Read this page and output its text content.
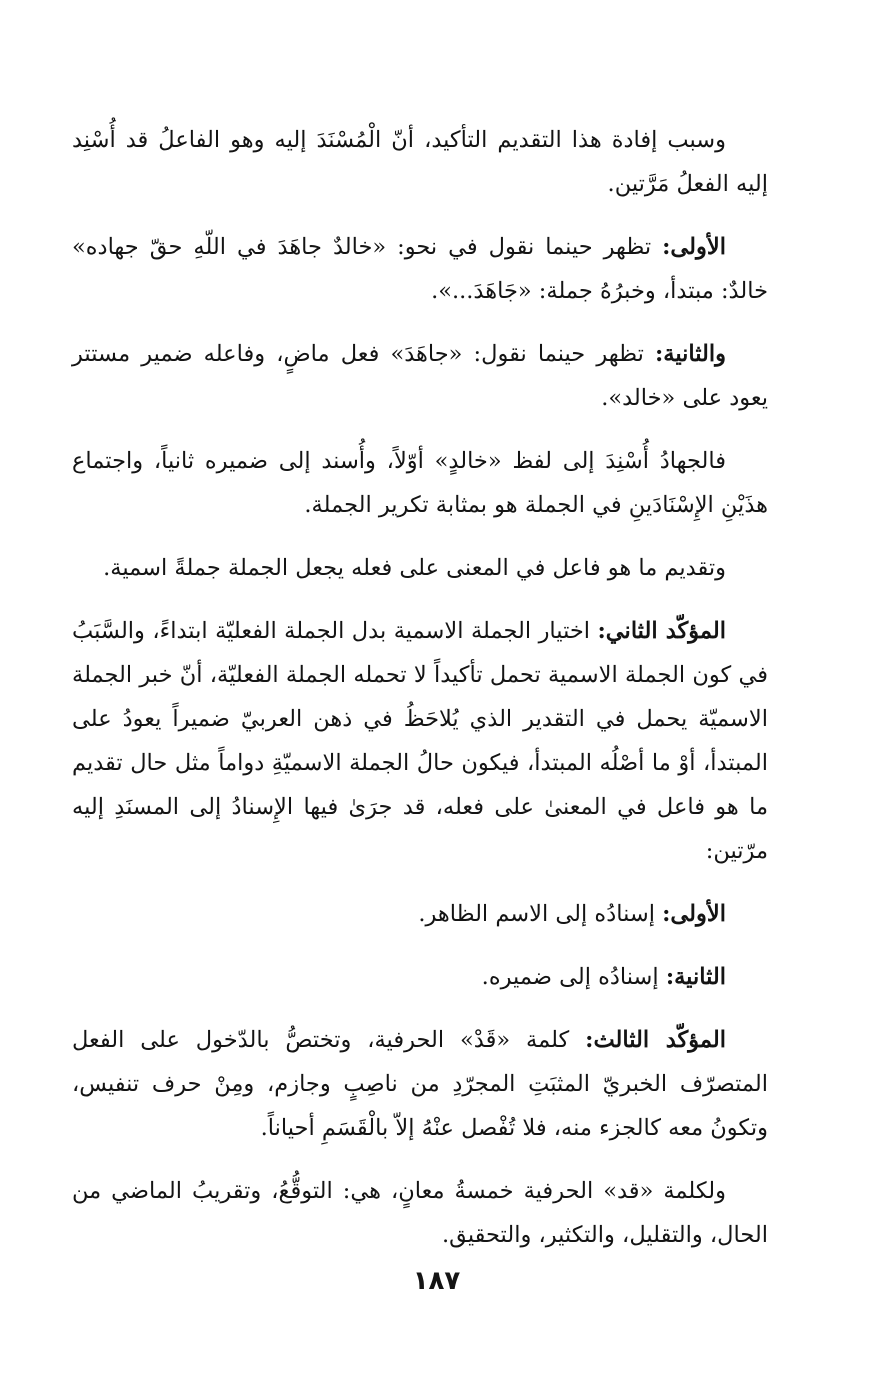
وسبب إفادة هذا التقديم التأكيد، أنّ الْمُسْنَدَ إليه وهو الفاعلُ قد أُسْنِد إليه الفعلُ مَرَّتين.

الأولى: تظهر حينما نقول في نحو: «خالدٌ جاهَدَ في اللّهِ حقّ جهاده» خالدٌ: مبتدأ، وخبرُهُ جملة: «جَاهَدَ...».

والثانية: تظهر حينما نقول: «جاهَدَ» فعل ماضٍ، وفاعله ضمير مستتر يعود على «خالد».

فالجهادُ أُسْنِدَ إلى لفظ «خالدٍ» أوّلاً، وأُسند إلى ضميره ثانياً، واجتماع هذَيْنِ الإِسْنَادَينِ في الجملة هو بمثابة تكرير الجملة.

وتقديم ما هو فاعل في المعنى على فعله يجعل الجملة جملةً اسمية.

المؤكّد الثاني: اختيار الجملة الاسمية بدل الجملة الفعليّة ابتداءً، والسَّبَبُ في كون الجملة الاسمية تحمل تأكيداً لا تحمله الجملة الفعليّة، أنّ خبر الجملة الاسميّة يحمل في التقدير الذي يُلاحَظُ في ذهن العربيّ ضميراً يعودُ على المبتدأ، أوْ ما أصْلُه المبتدأ، فيكون حالُ الجملة الاسميّةِ دواماً مثل حال تقديم ما هو فاعل في المعنىٰ على فعله، قد جرَىٰ فيها الإِسنادُ إلى المسنَدِ إليه مرّتين:

الأولى: إسنادُه إلى الاسم الظاهر.

الثانية: إسنادُه إلى ضميره.

المؤكّد الثالث: كلمة «قَدْ» الحرفية، وتختصُّ بالدّخول على الفعل المتصرّف الخبريّ المثبَتِ المجرّدِ من ناصِبٍ وجازم، ومِنْ حرف تنفيس، وتكونُ معه كالجزء منه، فلا تُفْصل عنْهُ إلاّ بالْقَسَمِ أحياناً.

ولكلمة «قد» الحرفية خمسةُ معانٍ، هي: التوقُّعُ، وتقريبُ الماضي من الحال، والتقليل، والتكثير، والتحقيق.

١٨٧
